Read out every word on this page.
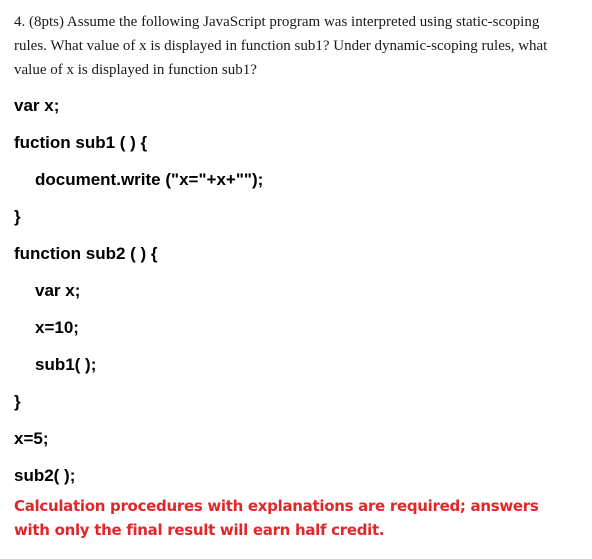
4. (8pts) Assume the following JavaScript program was interpreted using static-scoping rules. What value of x is displayed in function sub1? Under dynamic-scoping rules, what value of x is displayed in function sub1?

var x;
fuction sub1 ( ) {
document.write ("x="+x+"");
}
function sub2 ( ) {
var x;
x=10;
sub1( );
}
x=5;
sub2( );

Calculation procedures with explanations are required; answers with only the final result will earn half credit.
